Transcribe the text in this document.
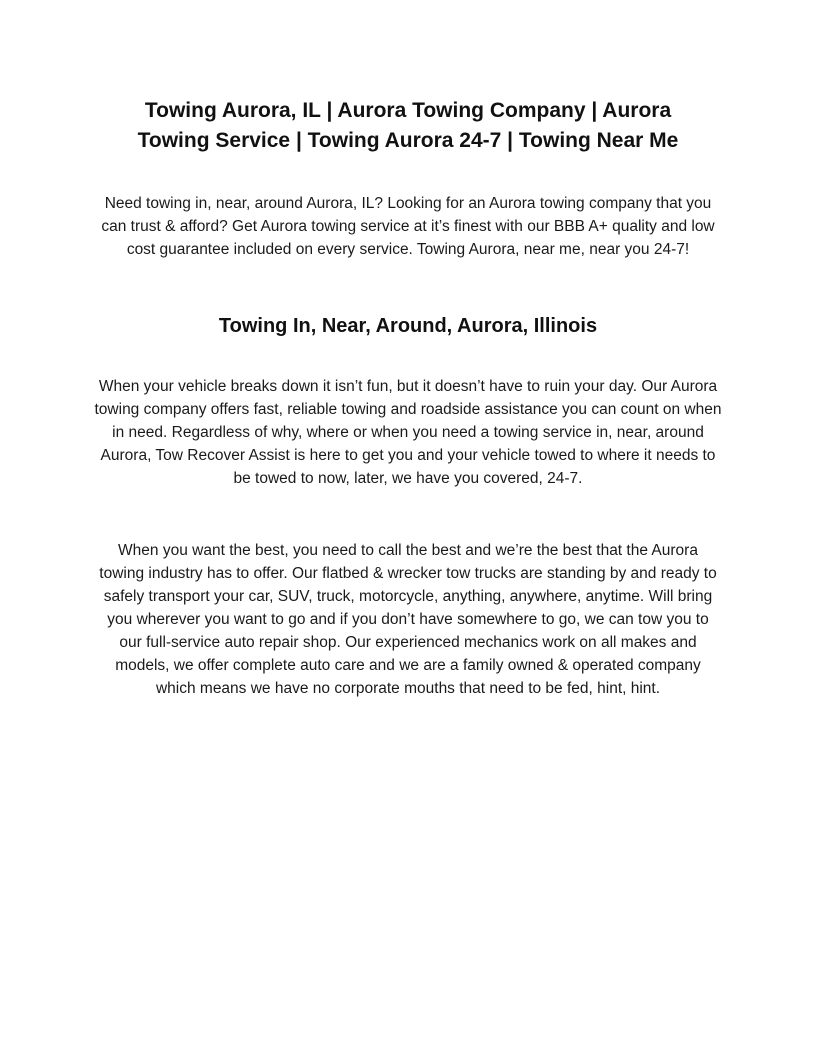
Towing Aurora, IL | Aurora Towing Company | Aurora Towing Service | Towing Aurora 24-7 | Towing Near Me

Need towing in, near, around Aurora, IL? Looking for an Aurora towing company that you can trust & afford? Get Aurora towing service at it’s finest with our BBB A+ quality and low cost guarantee included on every service. Towing Aurora, near me, near you 24-7!

Towing In, Near, Around, Aurora, Illinois

When your vehicle breaks down it isn’t fun, but it doesn’t have to ruin your day. Our Aurora towing company offers fast, reliable towing and roadside assistance you can count on when in need. Regardless of why, where or when you need a towing service in, near, around Aurora, Tow Recover Assist is here to get you and your vehicle towed to where it needs to be towed to now, later, we have you covered, 24-7.

When you want the best, you need to call the best and we’re the best that the Aurora towing industry has to offer. Our flatbed & wrecker tow trucks are standing by and ready to safely transport your car, SUV, truck, motorcycle, anything, anywhere, anytime. Will bring you wherever you want to go and if you don’t have somewhere to go, we can tow you to our full-service auto repair shop. Our experienced mechanics work on all makes and models, we offer complete auto care and we are a family owned & operated company which means we have no corporate mouths that need to be fed, hint, hint.
